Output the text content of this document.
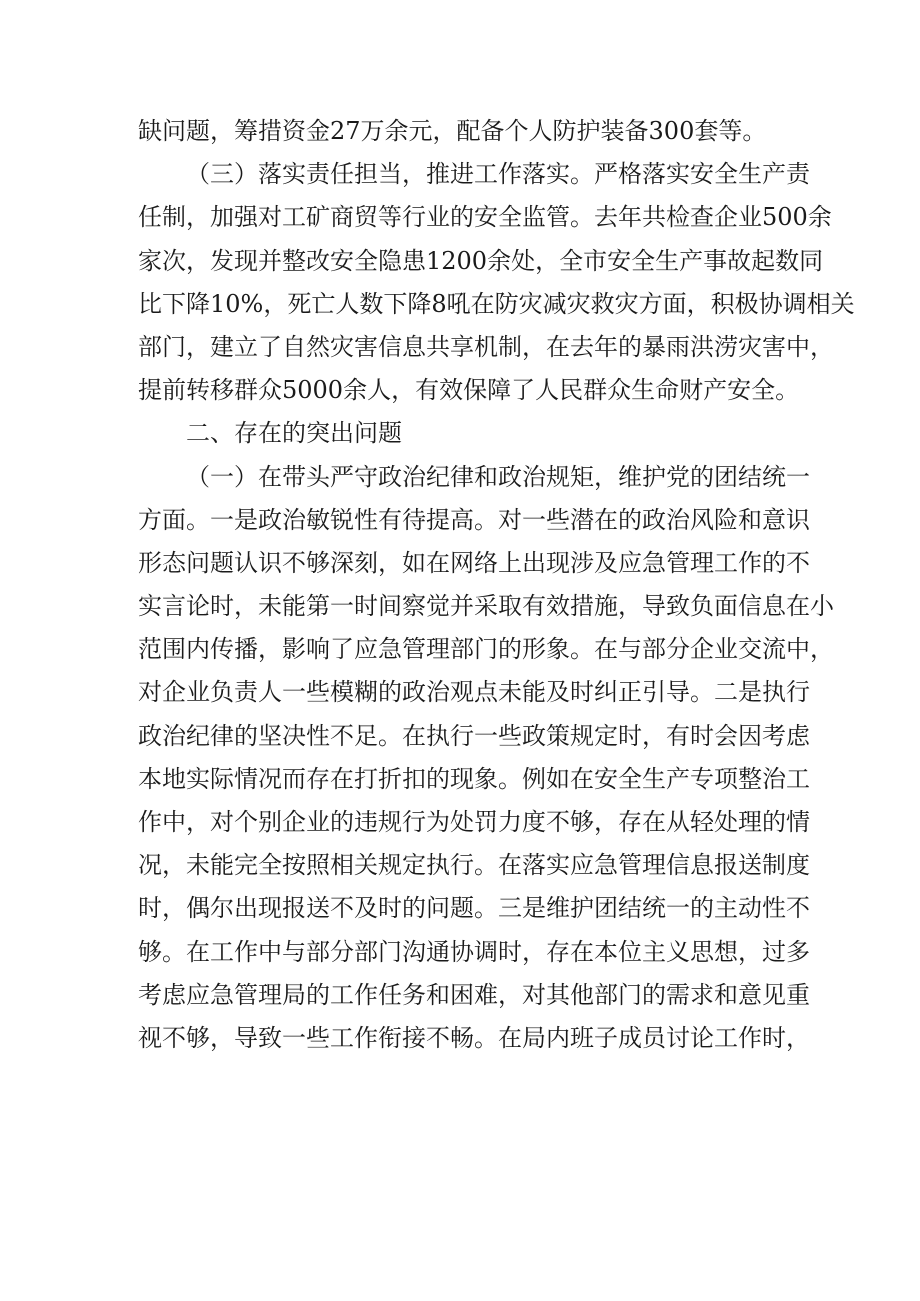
缺问题，筹措资金27万余元，配备个人防护装备300套等。
（三）落实责任担当，推进工作落实。严格落实安全生产责
任制，加强对工矿商贸等行业的安全监管。去年共检查企业500余
家次，发现并整改安全隐患1200余处，全市安全生产事故起数同
比下降10%，死亡人数下降8吼在防灾减灾救灾方面，积极协调相关
部门，建立了自然灾害信息共享机制，在去年的暴雨洪涝灾害中，
提前转移群众5000余人，有效保障了人民群众生命财产安全。
二、存在的突出问题
（一）在带头严守政治纪律和政治规矩，维护党的团结统一
方面。一是政治敏锐性有待提高。对一些潜在的政治风险和意识
形态问题认识不够深刻，如在网络上出现涉及应急管理工作的不
实言论时，未能第一时间察觉并采取有效措施，导致负面信息在小
范围内传播，影响了应急管理部门的形象。在与部分企业交流中，
对企业负责人一些模糊的政治观点未能及时纠正引导。二是执行
政治纪律的坚决性不足。在执行一些政策规定时，有时会因考虑
本地实际情况而存在打折扣的现象。例如在安全生产专项整治工
作中，对个别企业的违规行为处罚力度不够，存在从轻处理的情
况，未能完全按照相关规定执行。在落实应急管理信息报送制度
时，偶尔出现报送不及时的问题。三是维护团结统一的主动性不
够。在工作中与部分部门沟通协调时，存在本位主义思想，过多
考虑应急管理局的工作任务和困难，对其他部门的需求和意见重
视不够，导致一些工作衔接不畅。在局内班子成员讨论工作时，
